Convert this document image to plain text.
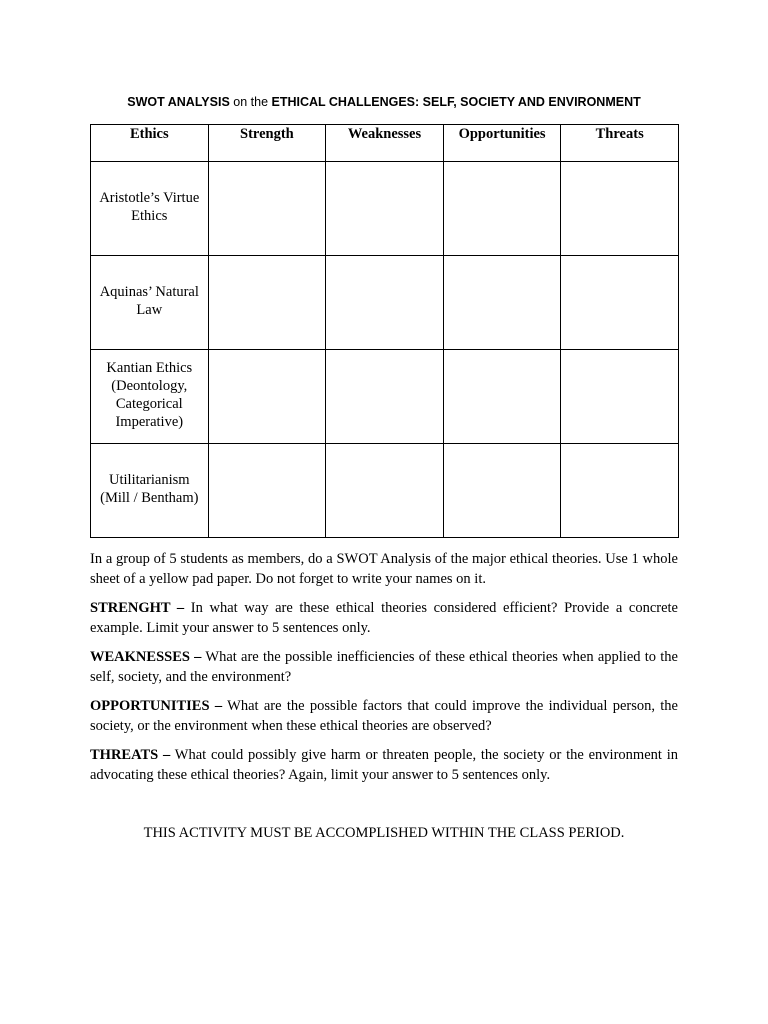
SWOT ANALYSIS on the ETHICAL CHALLENGES: SELF, SOCIETY AND ENVIRONMENT
Ethics	Strength	Weaknesses	Opportunities	Threats
Aristotle’s Virtue Ethics				
Aquinas’ Natural Law				
Kantian Ethics (Deontology, Categorical Imperative)				
Utilitarianism (Mill / Bentham)				

In a group of 5 students as members, do a SWOT Analysis of the major ethical theories. Use 1 whole sheet of a yellow pad paper. Do not forget to write your names on it.

STRENGHT – In what way are these ethical theories considered efficient? Provide a concrete example. Limit your answer to 5 sentences only.

WEAKNESSES – What are the possible inefficiencies of these ethical theories when applied to the self, society, and the environment?

OPPORTUNITIES – What are the possible factors that could improve the individual person, the society, or the environment when these ethical theories are observed?

THREATS – What could possibly give harm or threaten people, the society or the environment in advocating these ethical theories? Again, limit your answer to 5 sentences only.

THIS ACTIVITY MUST BE ACCOMPLISHED WITHIN THE CLASS PERIOD.
